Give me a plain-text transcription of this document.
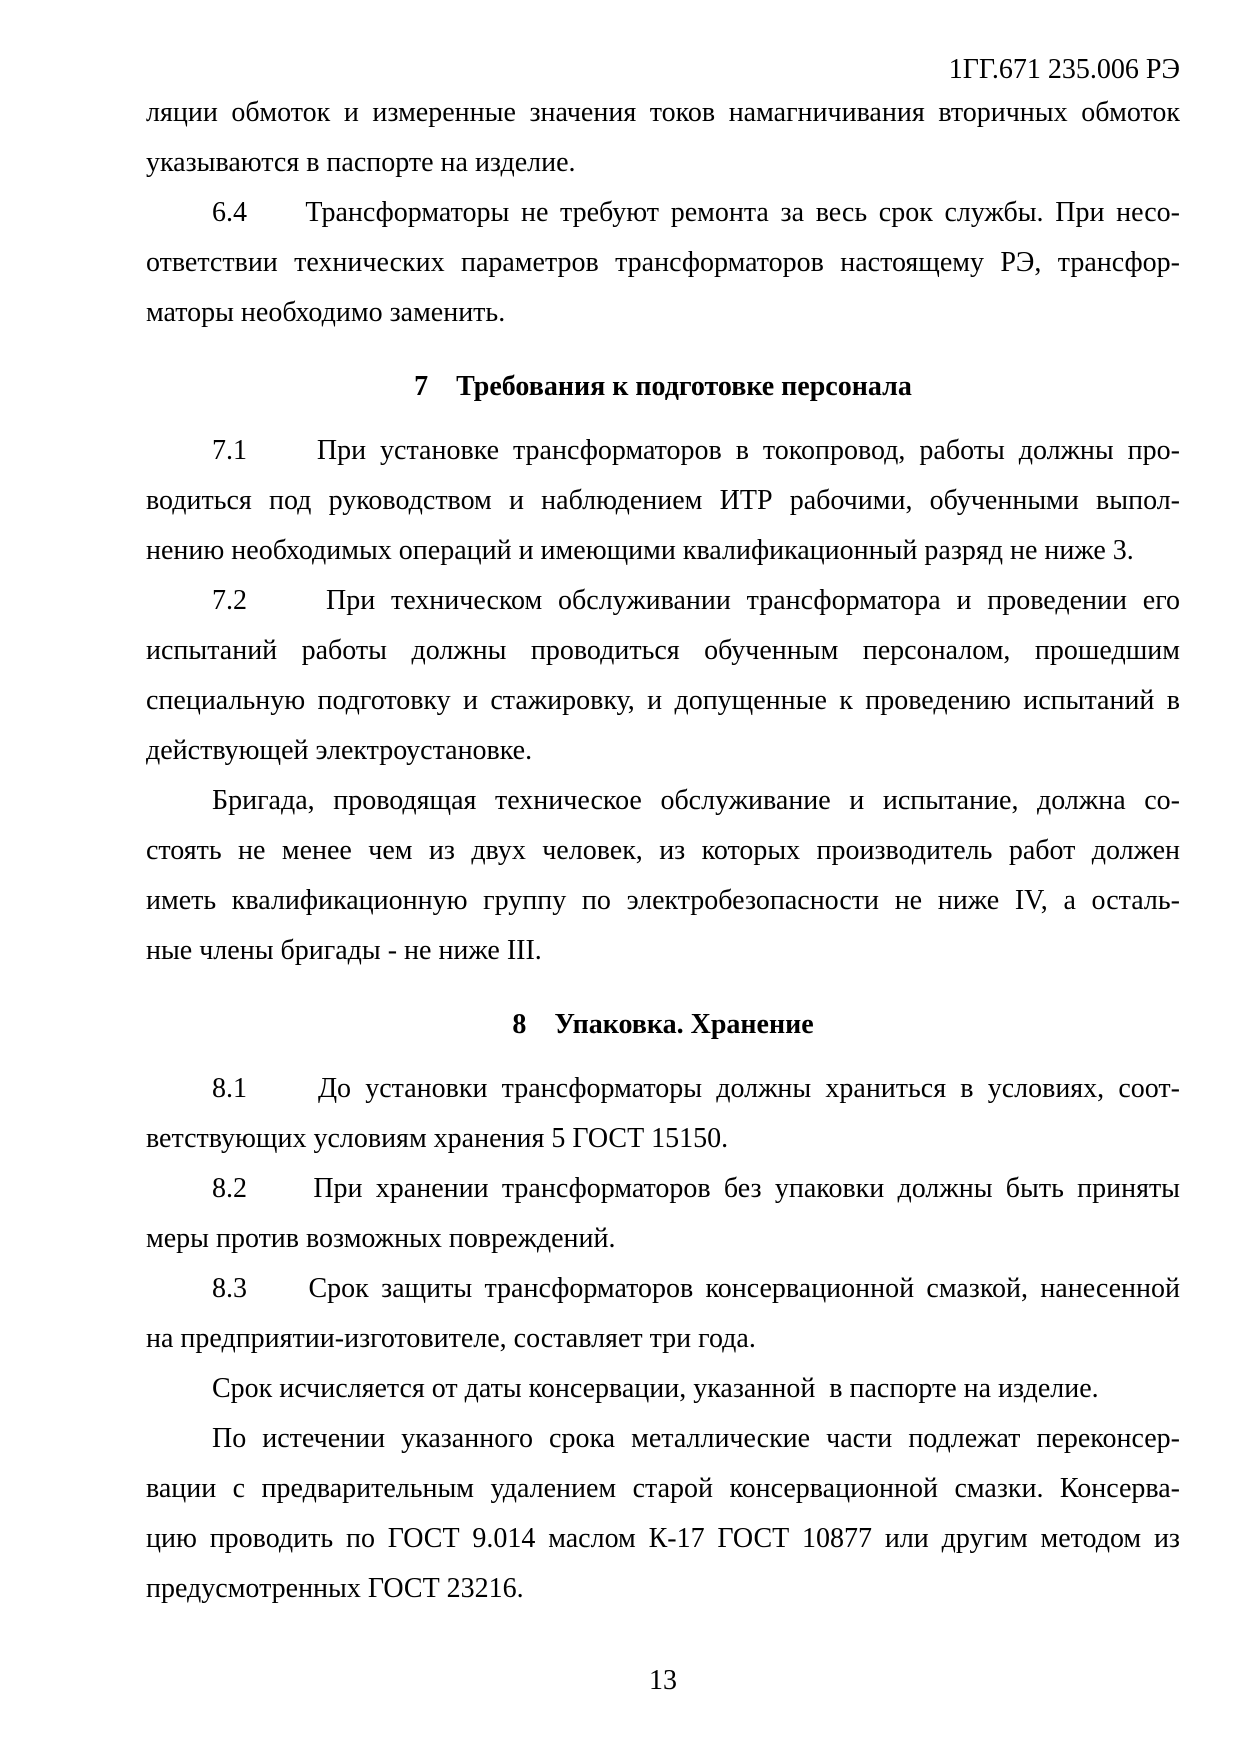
1ГГ.671 235.006 РЭ
ляции обмоток и измеренные значения токов намагничивания вторичных обмоток
указываются в паспорте на изделие.
6.4     Трансформаторы не требуют ремонта за весь срок службы. При несо-
ответствии технических параметров трансформаторов настоящему РЭ, трансфор-
маторы необходимо заменить.
7    Требования к подготовке персонала
7.1     При установке трансформаторов в токопровод, работы должны про-
водиться под руководством и наблюдением ИТР рабочими, обученными выпол-
нению необходимых операций и имеющими квалификационный разряд не ниже 3.
7.2     При техническом обслуживании трансформатора и проведении его
испытаний работы должны проводиться обученным персоналом, прошедшим
специальную подготовку и стажировку, и допущенные к проведению испытаний в
действующей электроустановке.
Бригада, проводящая техническое обслуживание и испытание, должна со-
стоять не менее чем из двух человек, из которых производитель работ должен
иметь квалификационную группу по электробезопасности не ниже IV, а осталь-
ные члены бригады - не ниже III.
8    Упаковка. Хранение
8.1     До установки трансформаторы должны храниться в условиях, соот-
ветствующих условиям хранения 5 ГОСТ 15150.
8.2     При хранении трансформаторов без упаковки должны быть приняты
меры против возможных повреждений.
8.3     Срок защиты трансформаторов консервационной смазкой, нанесенной
на предприятии-изготовителе, составляет три года.
Срок исчисляется от даты консервации, указанной  в паспорте на изделие.
По истечении указанного срока металлические части подлежат переконсер-
вации с предварительным удалением старой консервационной смазки. Консерва-
цию проводить по ГОСТ 9.014 маслом К-17 ГОСТ 10877 или другим методом из
предусмотренных ГОСТ 23216.
13
